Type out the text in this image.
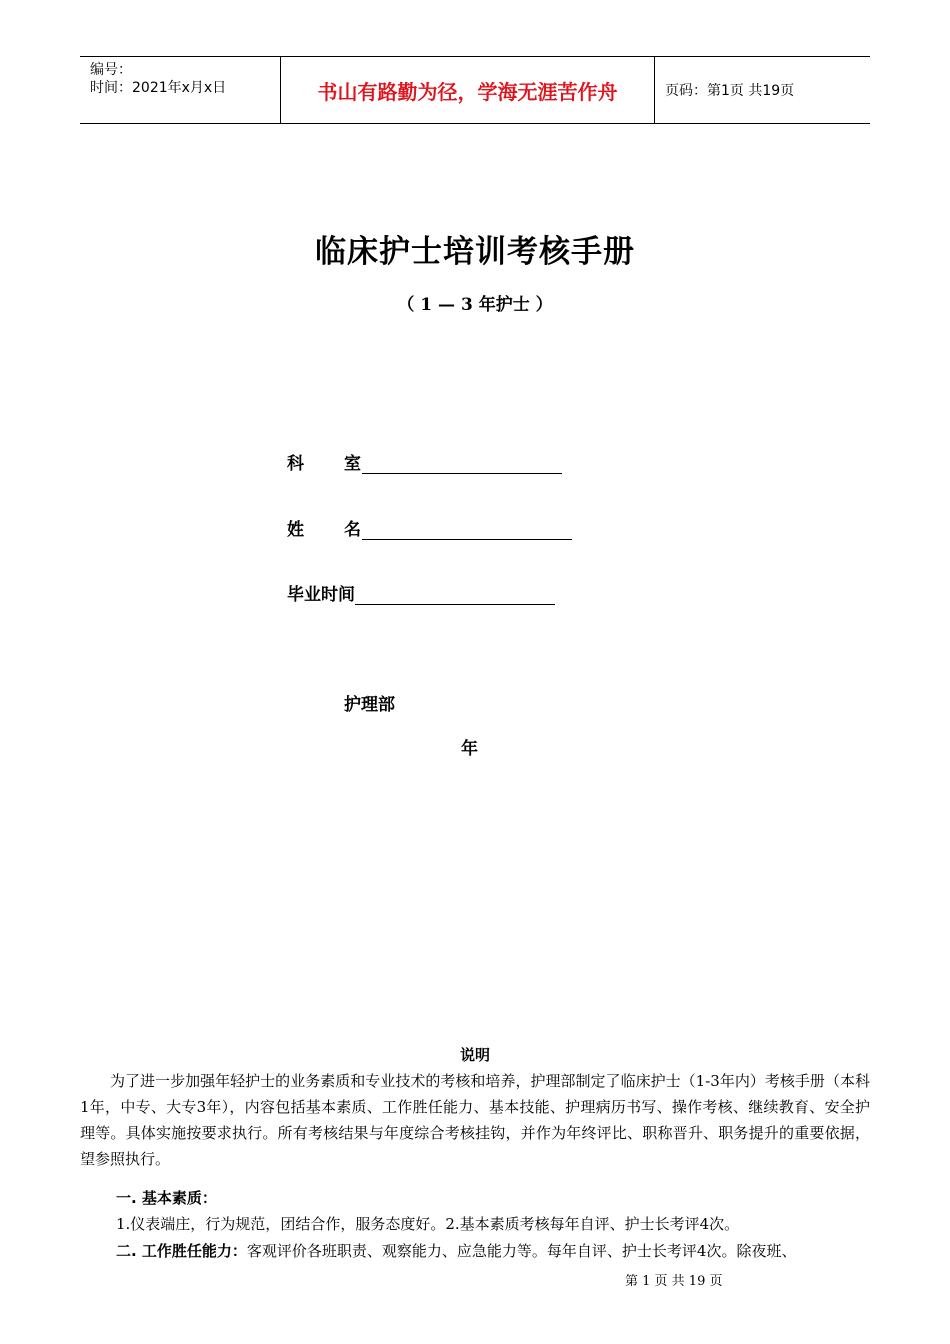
编号：
时间：2021年x月x日	书山有路勤为径，学海无涯苦作舟	页码：第1页 共19页
临床护士培训考核手册
（ 1 — 3 年护士 ）
科 室
姓 名
毕业时间
护理部
年
说明
为了进一步加强年轻护士的业务素质和专业技术的考核和培养，护理部制定了临床护士（1-3年内）考核手册（本科1年，中专、大专3年），内容包括基本素质、工作胜任能力、基本技能、护理病历书写、操作考核、继续教育、安全护理等。具体实施按要求执行。所有考核结果与年度综合考核挂钩，并作为年终评比、职称晋升、职务提升的重要依据，望参照执行。
一. 基本素质：
1.仪表端庄，行为规范，团结合作，服务态度好。2.基本素质考核每年自评、护士长考评4次。
二. 工作胜任能力：客观评价各班职责、观察能力、应急能力等。每年自评、护士长考评4次。除夜班、
第 1 页 共 19 页
